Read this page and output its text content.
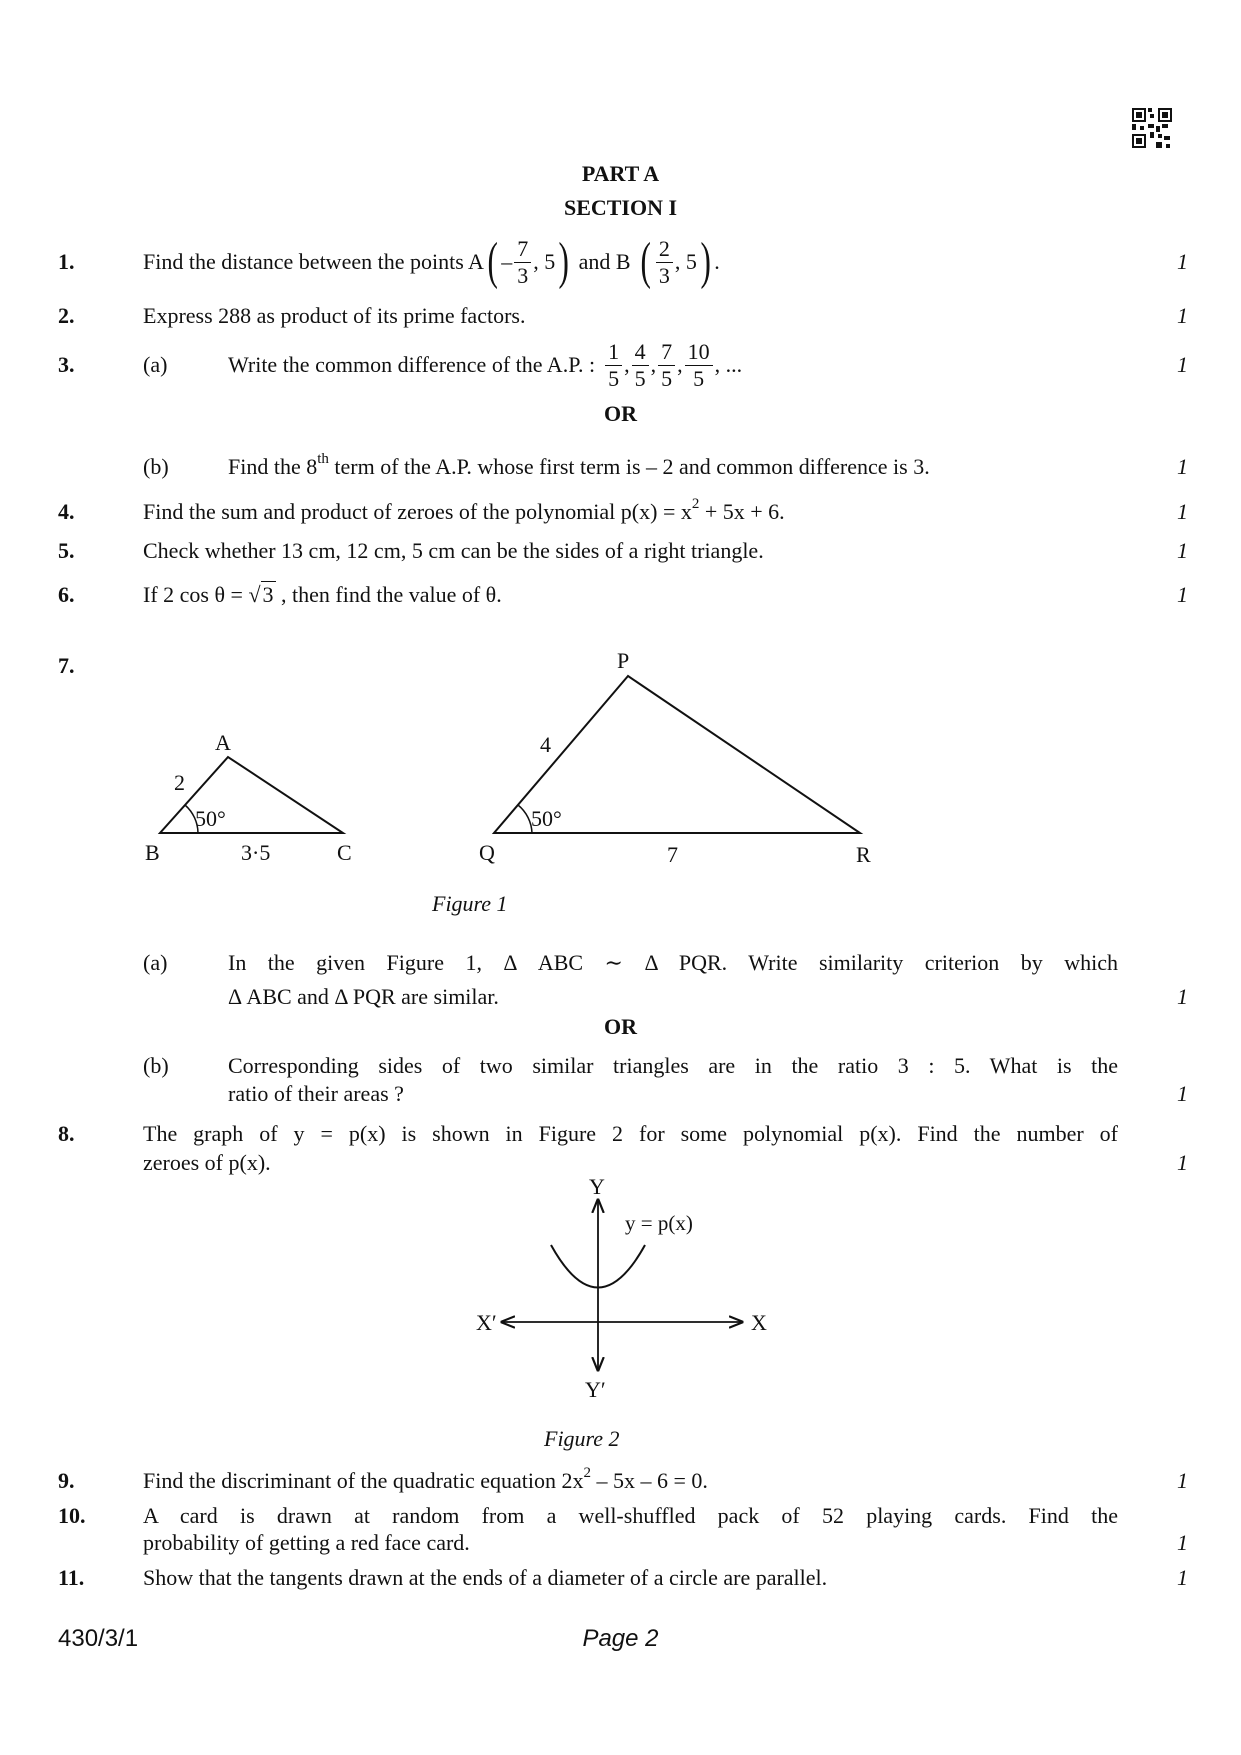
PART A
SECTION I
1.	Find the distance between the points A ( – $\frac{7}{3}$ , 5 ) and B ( $\frac{2}{3}$ , 5 ) .	1
2.	Express 288 as product of its prime factors.	1
3.	(a)	Write the common difference of the A.P. : $\frac{1}{5}$ , $\frac{4}{5}$ , $\frac{7}{5}$ , $\frac{10}{5}$ , ...	1
OR
(b)	Find the 8th term of the A.P. whose first term is – 2 and common difference is 3.	1
4.	Find the sum and product of zeroes of the polynomial $p(x) = x^2 + 5x + 6$.	1
5.	Check whether 13 cm, 12 cm, 5 cm can be the sides of a right triangle.	1
6.	If 2 cos θ = √3 , then find the value of θ.	1
7.
A
B	C
2
3·5
50°
P
Q	R
4
7
50°
Figure 1
(a)	In the given Figure 1, Δ ABC ∼ Δ PQR. Write similarity criterion by which
Δ ABC and Δ PQR are similar.	1
OR
(b)	Corresponding sides of two similar triangles are in the ratio 3 : 5. What is the
ratio of their areas ?	1
8.	The graph of y = p(x) is shown in Figure 2 for some polynomial p(x). Find the number of
zeroes of p(x).	1
Y
Y′
X
X′
y = p(x)
Figure 2
9.	Find the discriminant of the quadratic equation $2x^2 - 5x - 6 = 0$.	1
10.	A card is drawn at random from a well-shuffled pack of 52 playing cards. Find the
probability of getting a red face card.	1
11.	Show that the tangents drawn at the ends of a diameter of a circle are parallel.	1
430/3/1	Page 2
